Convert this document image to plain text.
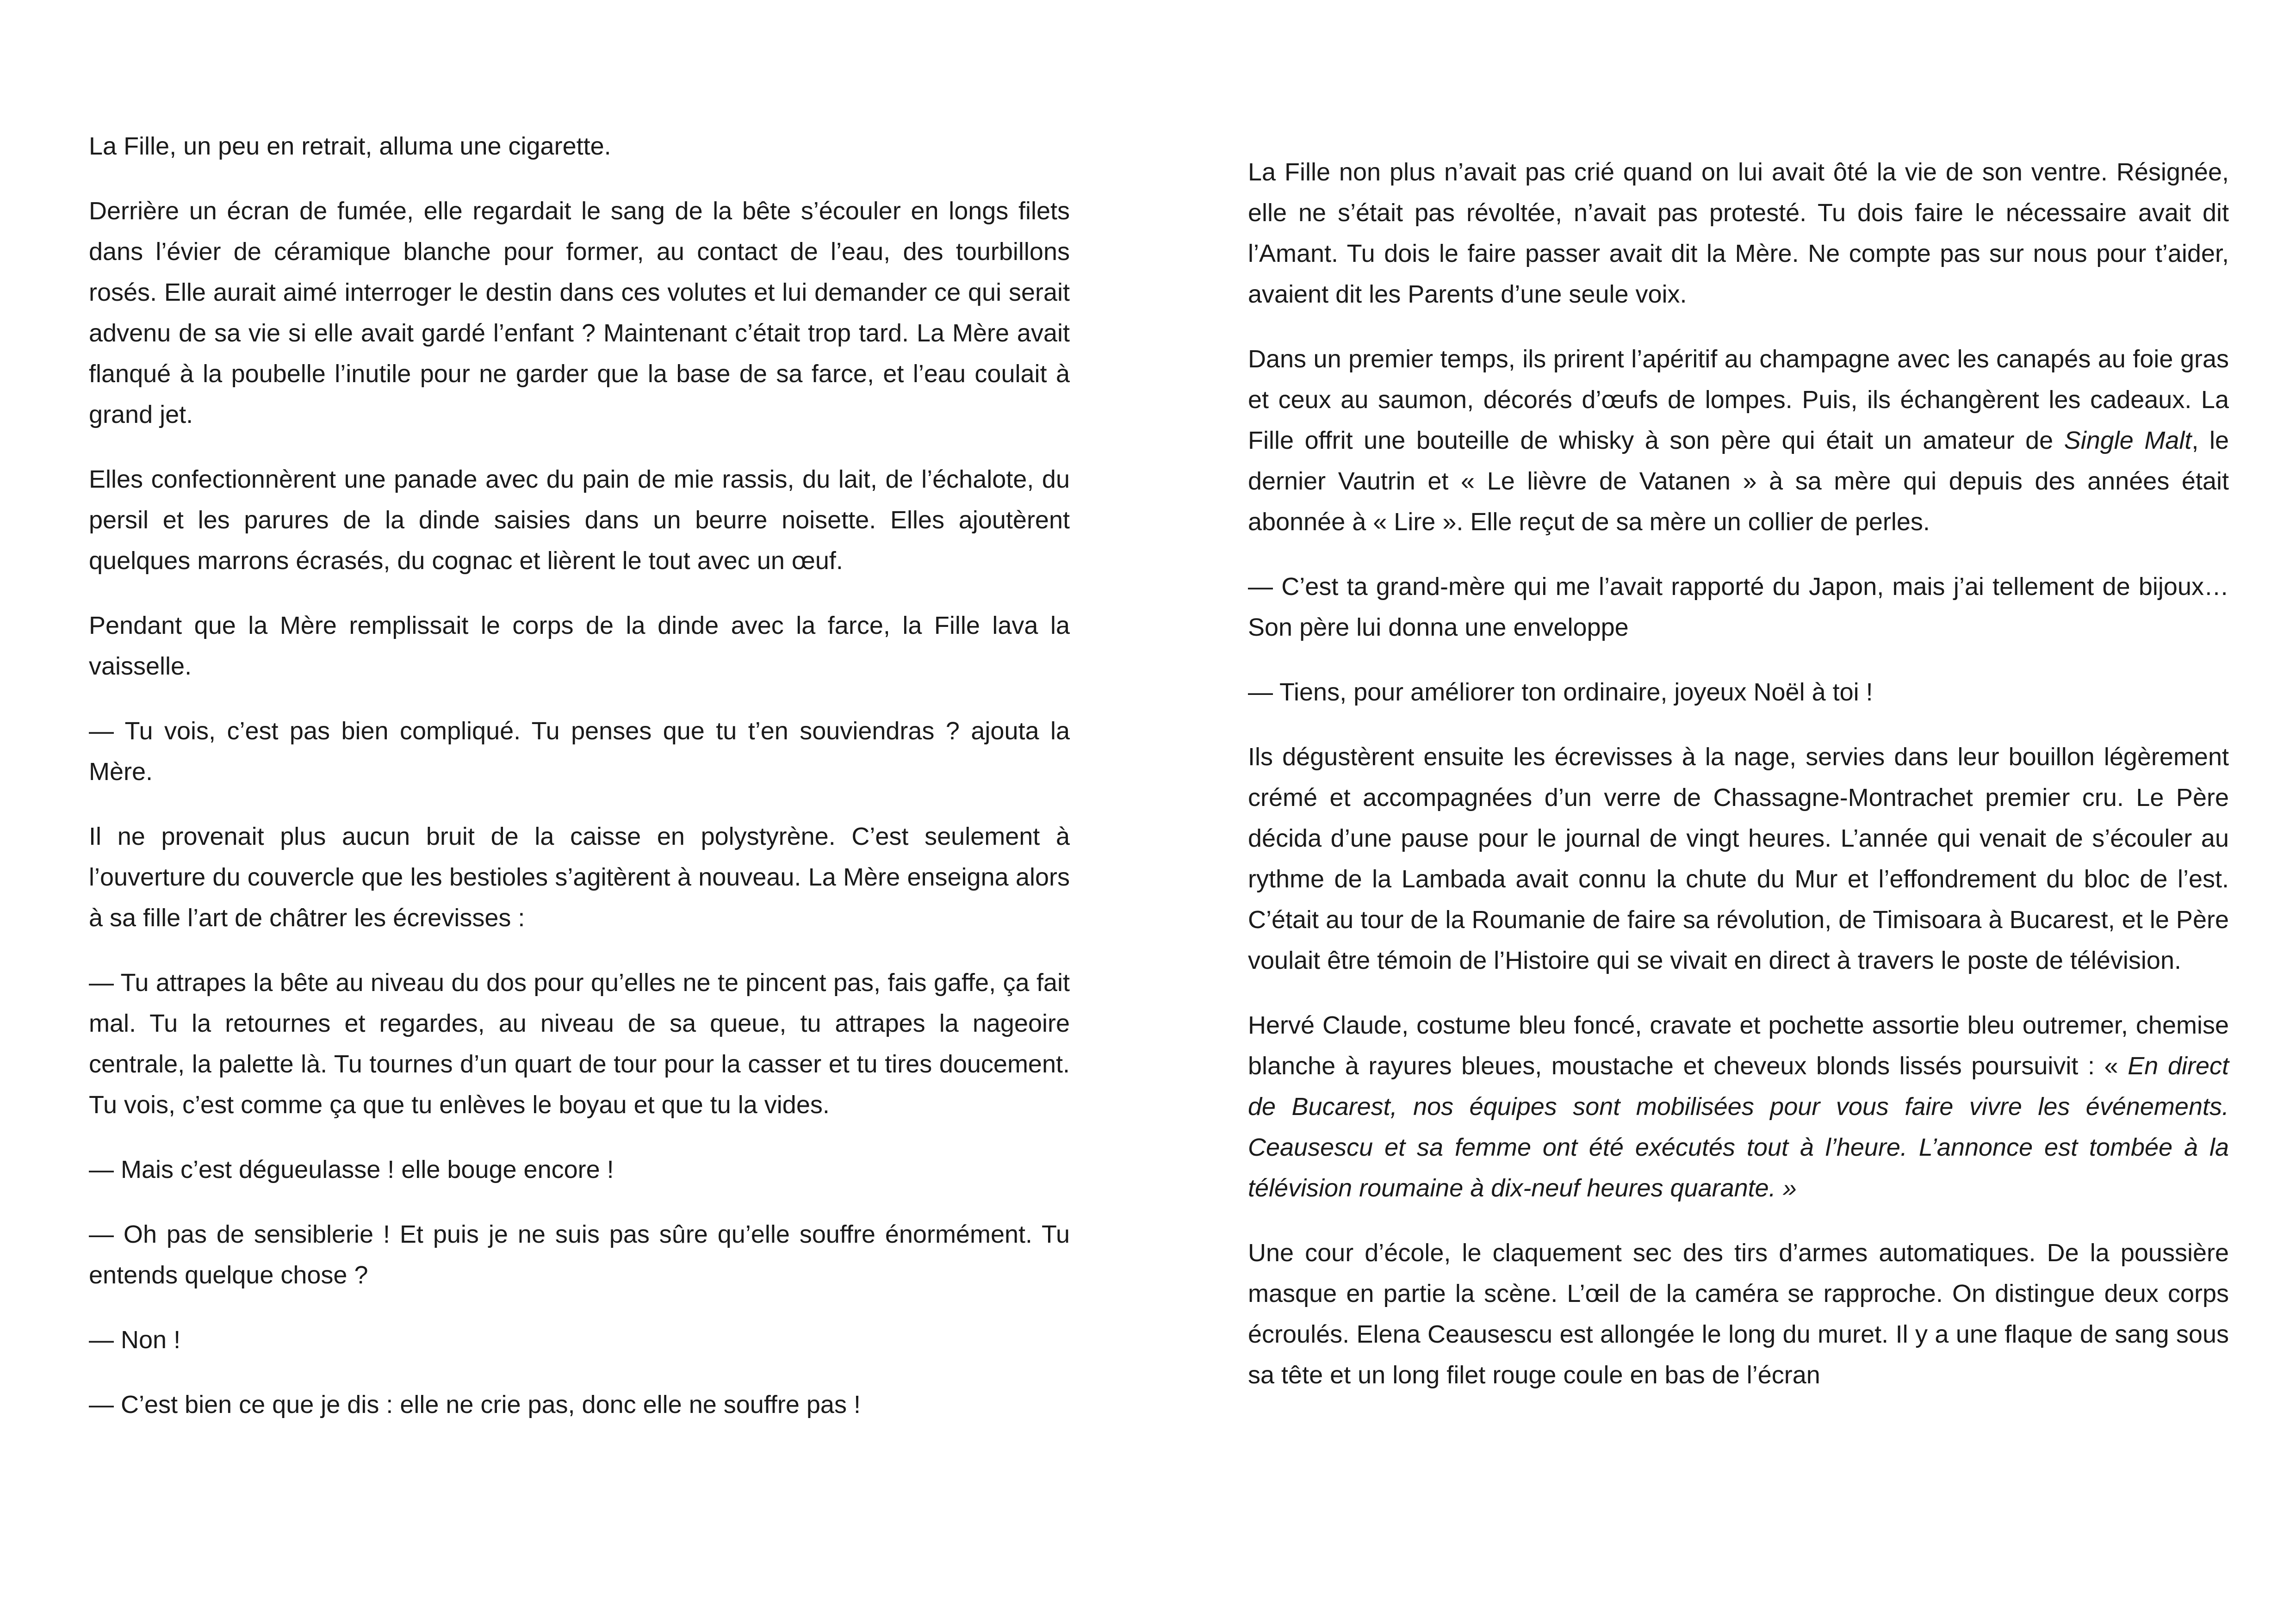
La Fille, un peu en retrait, alluma une cigarette.

Derrière un écran de fumée, elle regardait le sang de la bête s’écouler en longs filets dans l’évier de céramique blanche pour former, au contact de l’eau, des tourbillons rosés. Elle aurait aimé interroger le destin dans ces volutes et lui demander ce qui serait advenu de sa vie si elle avait gardé l’enfant ? Maintenant c’était trop tard. La Mère avait flanqué à la poubelle l’inutile pour ne garder que la base de sa farce, et l’eau coulait à grand jet.

Elles confectionnèrent une panade avec du pain de mie rassis, du lait, de l’échalote, du persil et les parures de la dinde saisies dans un beurre noisette. Elles ajoutèrent quelques marrons écrasés, du cognac et lièrent le tout avec un œuf.

Pendant que la Mère remplissait le corps de la dinde avec la farce, la Fille lava la vaisselle.

— Tu vois, c’est pas bien compliqué. Tu penses que tu t’en souviendras ? ajouta la Mère.

Il ne provenait plus aucun bruit de la caisse en polystyrène. C’est seulement à l’ouverture du couvercle que les bestioles s’agitèrent à nouveau. La Mère enseigna alors à sa fille l’art de châtrer les écrevisses :

— Tu attrapes la bête au niveau du dos pour qu’elles ne te pincent pas, fais gaffe, ça fait mal. Tu la retournes et regardes, au niveau de sa queue, tu attrapes la nageoire centrale, la palette là. Tu tournes d’un quart de tour pour la casser et tu tires doucement. Tu vois, c’est comme ça que tu enlèves le boyau et que tu la vides.

— Mais c’est dégueulasse ! elle bouge encore !

— Oh pas de sensiblerie ! Et puis je ne suis pas sûre qu’elle souffre énormément. Tu entends quelque chose ?

— Non !

— C’est bien ce que je dis : elle ne crie pas, donc elle ne souffre pas !

La Fille non plus n’avait pas crié quand on lui avait ôté la vie de son ventre. Résignée, elle ne s’était pas révoltée, n’avait pas protesté. Tu dois faire le nécessaire avait dit l’Amant. Tu dois le faire passer avait dit la Mère. Ne compte pas sur nous pour t’aider, avaient dit les Parents d’une seule voix.

Dans un premier temps, ils prirent l’apéritif au champagne avec les canapés au foie gras et ceux au saumon, décorés d’œufs de lompes. Puis, ils échangèrent les cadeaux. La Fille offrit une bouteille de whisky à son père qui était un amateur de Single Malt, le dernier Vautrin et « Le lièvre de Vatanen » à sa mère qui depuis des années était abonnée à « Lire ». Elle reçut de sa mère un collier de perles.

— C’est ta grand-mère qui me l’avait rapporté du Japon, mais j’ai tellement de bijoux… Son père lui donna une enveloppe

— Tiens, pour améliorer ton ordinaire, joyeux Noël à toi !

Ils dégustèrent ensuite les écrevisses à la nage, servies dans leur bouillon légèrement crémé et accompagnées d’un verre de Chassagne-Montrachet premier cru. Le Père décida d’une pause pour le journal de vingt heures. L’année qui venait de s’écouler au rythme de la Lambada avait connu la chute du Mur et l’effondrement du bloc de l’est. C’était au tour de la Roumanie de faire sa révolution, de Timisoara à Bucarest, et le Père voulait être témoin de l’Histoire qui se vivait en direct à travers le poste de télévision.

Hervé Claude, costume bleu foncé, cravate et pochette assortie bleu outremer, chemise blanche à rayures bleues, moustache et cheveux blonds lissés poursuivit : « En direct de Bucarest, nos équipes sont mobilisées pour vous faire vivre les événements. Ceausescu et sa femme ont été exécutés tout à l’heure. L’annonce est tombée à la télévision roumaine à dix-neuf heures quarante. »

Une cour d’école, le claquement sec des tirs d’armes automatiques. De la poussière masque en partie la scène. L’œil de la caméra se rapproche. On distingue deux corps écroulés. Elena Ceausescu est allongée le long du muret. Il y a une flaque de sang sous sa tête et un long filet rouge coule en bas de l’écran
